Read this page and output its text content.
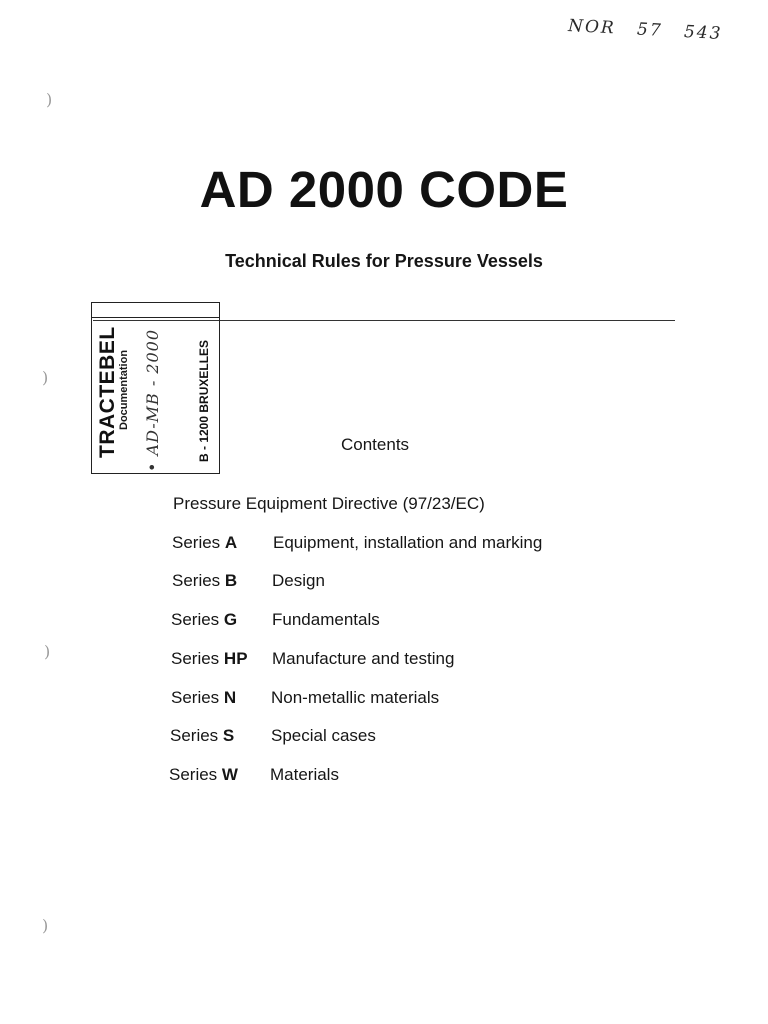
NOR 57 543
)
)
)
)
AD 2000 CODE
Technical Rules for Pressure Vessels
TRACTEBEL Documentation • AD-MB - 2000	B - 1200 BRUXELLES	Contents
Pressure Equipment Directive (97/23/EC)
Series A Equipment, installation and marking
Series B Design
Series G Fundamentals
Series HP Manufacture and testing
Series N Non-metallic materials
Series S Special cases
Series W Materials
